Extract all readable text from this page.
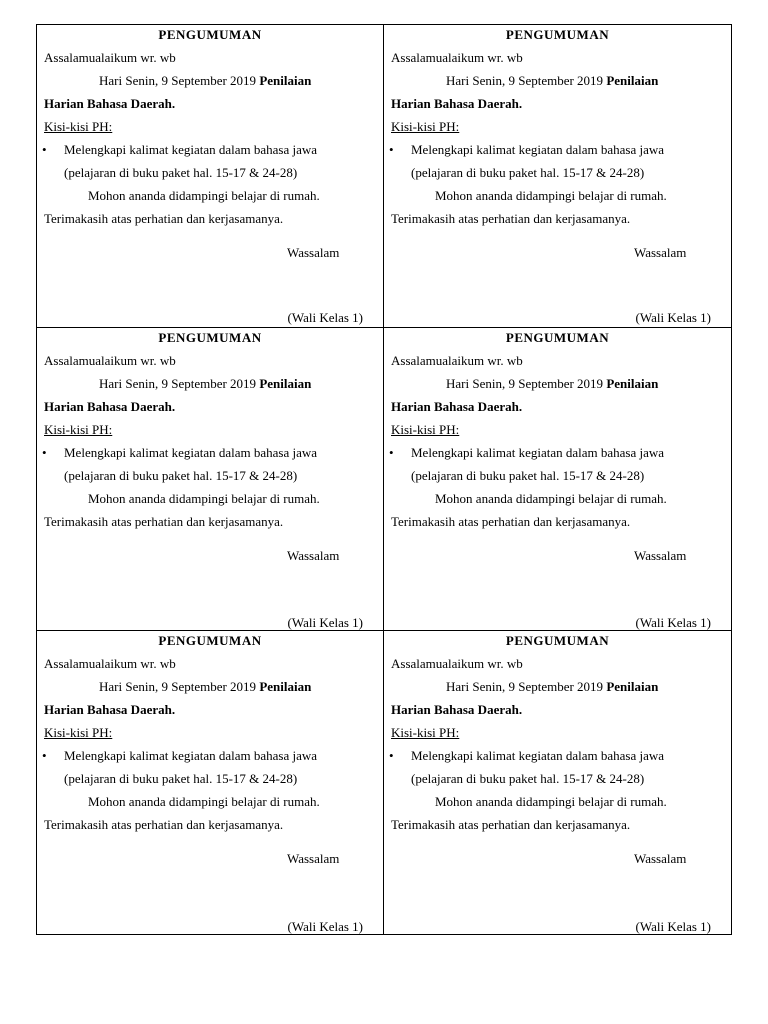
PENGUMUMAN
Assalamualaikum wr. wb
Hari Senin, 9 September 2019 Penilaian
Harian Bahasa Daerah.
Kisi-kisi PH:
•	Melengkapi kalimat kegiatan dalam bahasa jawa
(pelajaran di buku paket hal. 15-17 & 24-28)
Mohon ananda didampingi belajar di rumah.
Terimakasih atas perhatian dan kerjasamanya.
Wassalam
(Wali Kelas 1)
PENGUMUMAN
Assalamualaikum wr. wb
Hari Senin, 9 September 2019 Penilaian
Harian Bahasa Daerah.
Kisi-kisi PH:
•	Melengkapi kalimat kegiatan dalam bahasa jawa
(pelajaran di buku paket hal. 15-17 & 24-28)
Mohon ananda didampingi belajar di rumah.
Terimakasih atas perhatian dan kerjasamanya.
Wassalam
(Wali Kelas 1)
PENGUMUMAN
Assalamualaikum wr. wb
Hari Senin, 9 September 2019 Penilaian
Harian Bahasa Daerah.
Kisi-kisi PH:
•	Melengkapi kalimat kegiatan dalam bahasa jawa
(pelajaran di buku paket hal. 15-17 & 24-28)
Mohon ananda didampingi belajar di rumah.
Terimakasih atas perhatian dan kerjasamanya.
Wassalam
(Wali Kelas 1)
PENGUMUMAN
Assalamualaikum wr. wb
Hari Senin, 9 September 2019 Penilaian
Harian Bahasa Daerah.
Kisi-kisi PH:
•	Melengkapi kalimat kegiatan dalam bahasa jawa
(pelajaran di buku paket hal. 15-17 & 24-28)
Mohon ananda didampingi belajar di rumah.
Terimakasih atas perhatian dan kerjasamanya.
Wassalam
(Wali Kelas 1)
PENGUMUMAN
Assalamualaikum wr. wb
Hari Senin, 9 September 2019 Penilaian
Harian Bahasa Daerah.
Kisi-kisi PH:
•	Melengkapi kalimat kegiatan dalam bahasa jawa
(pelajaran di buku paket hal. 15-17 & 24-28)
Mohon ananda didampingi belajar di rumah.
Terimakasih atas perhatian dan kerjasamanya.
Wassalam
(Wali Kelas 1)
PENGUMUMAN
Assalamualaikum wr. wb
Hari Senin, 9 September 2019 Penilaian
Harian Bahasa Daerah.
Kisi-kisi PH:
•	Melengkapi kalimat kegiatan dalam bahasa jawa
(pelajaran di buku paket hal. 15-17 & 24-28)
Mohon ananda didampingi belajar di rumah.
Terimakasih atas perhatian dan kerjasamanya.
Wassalam
(Wali Kelas 1)
